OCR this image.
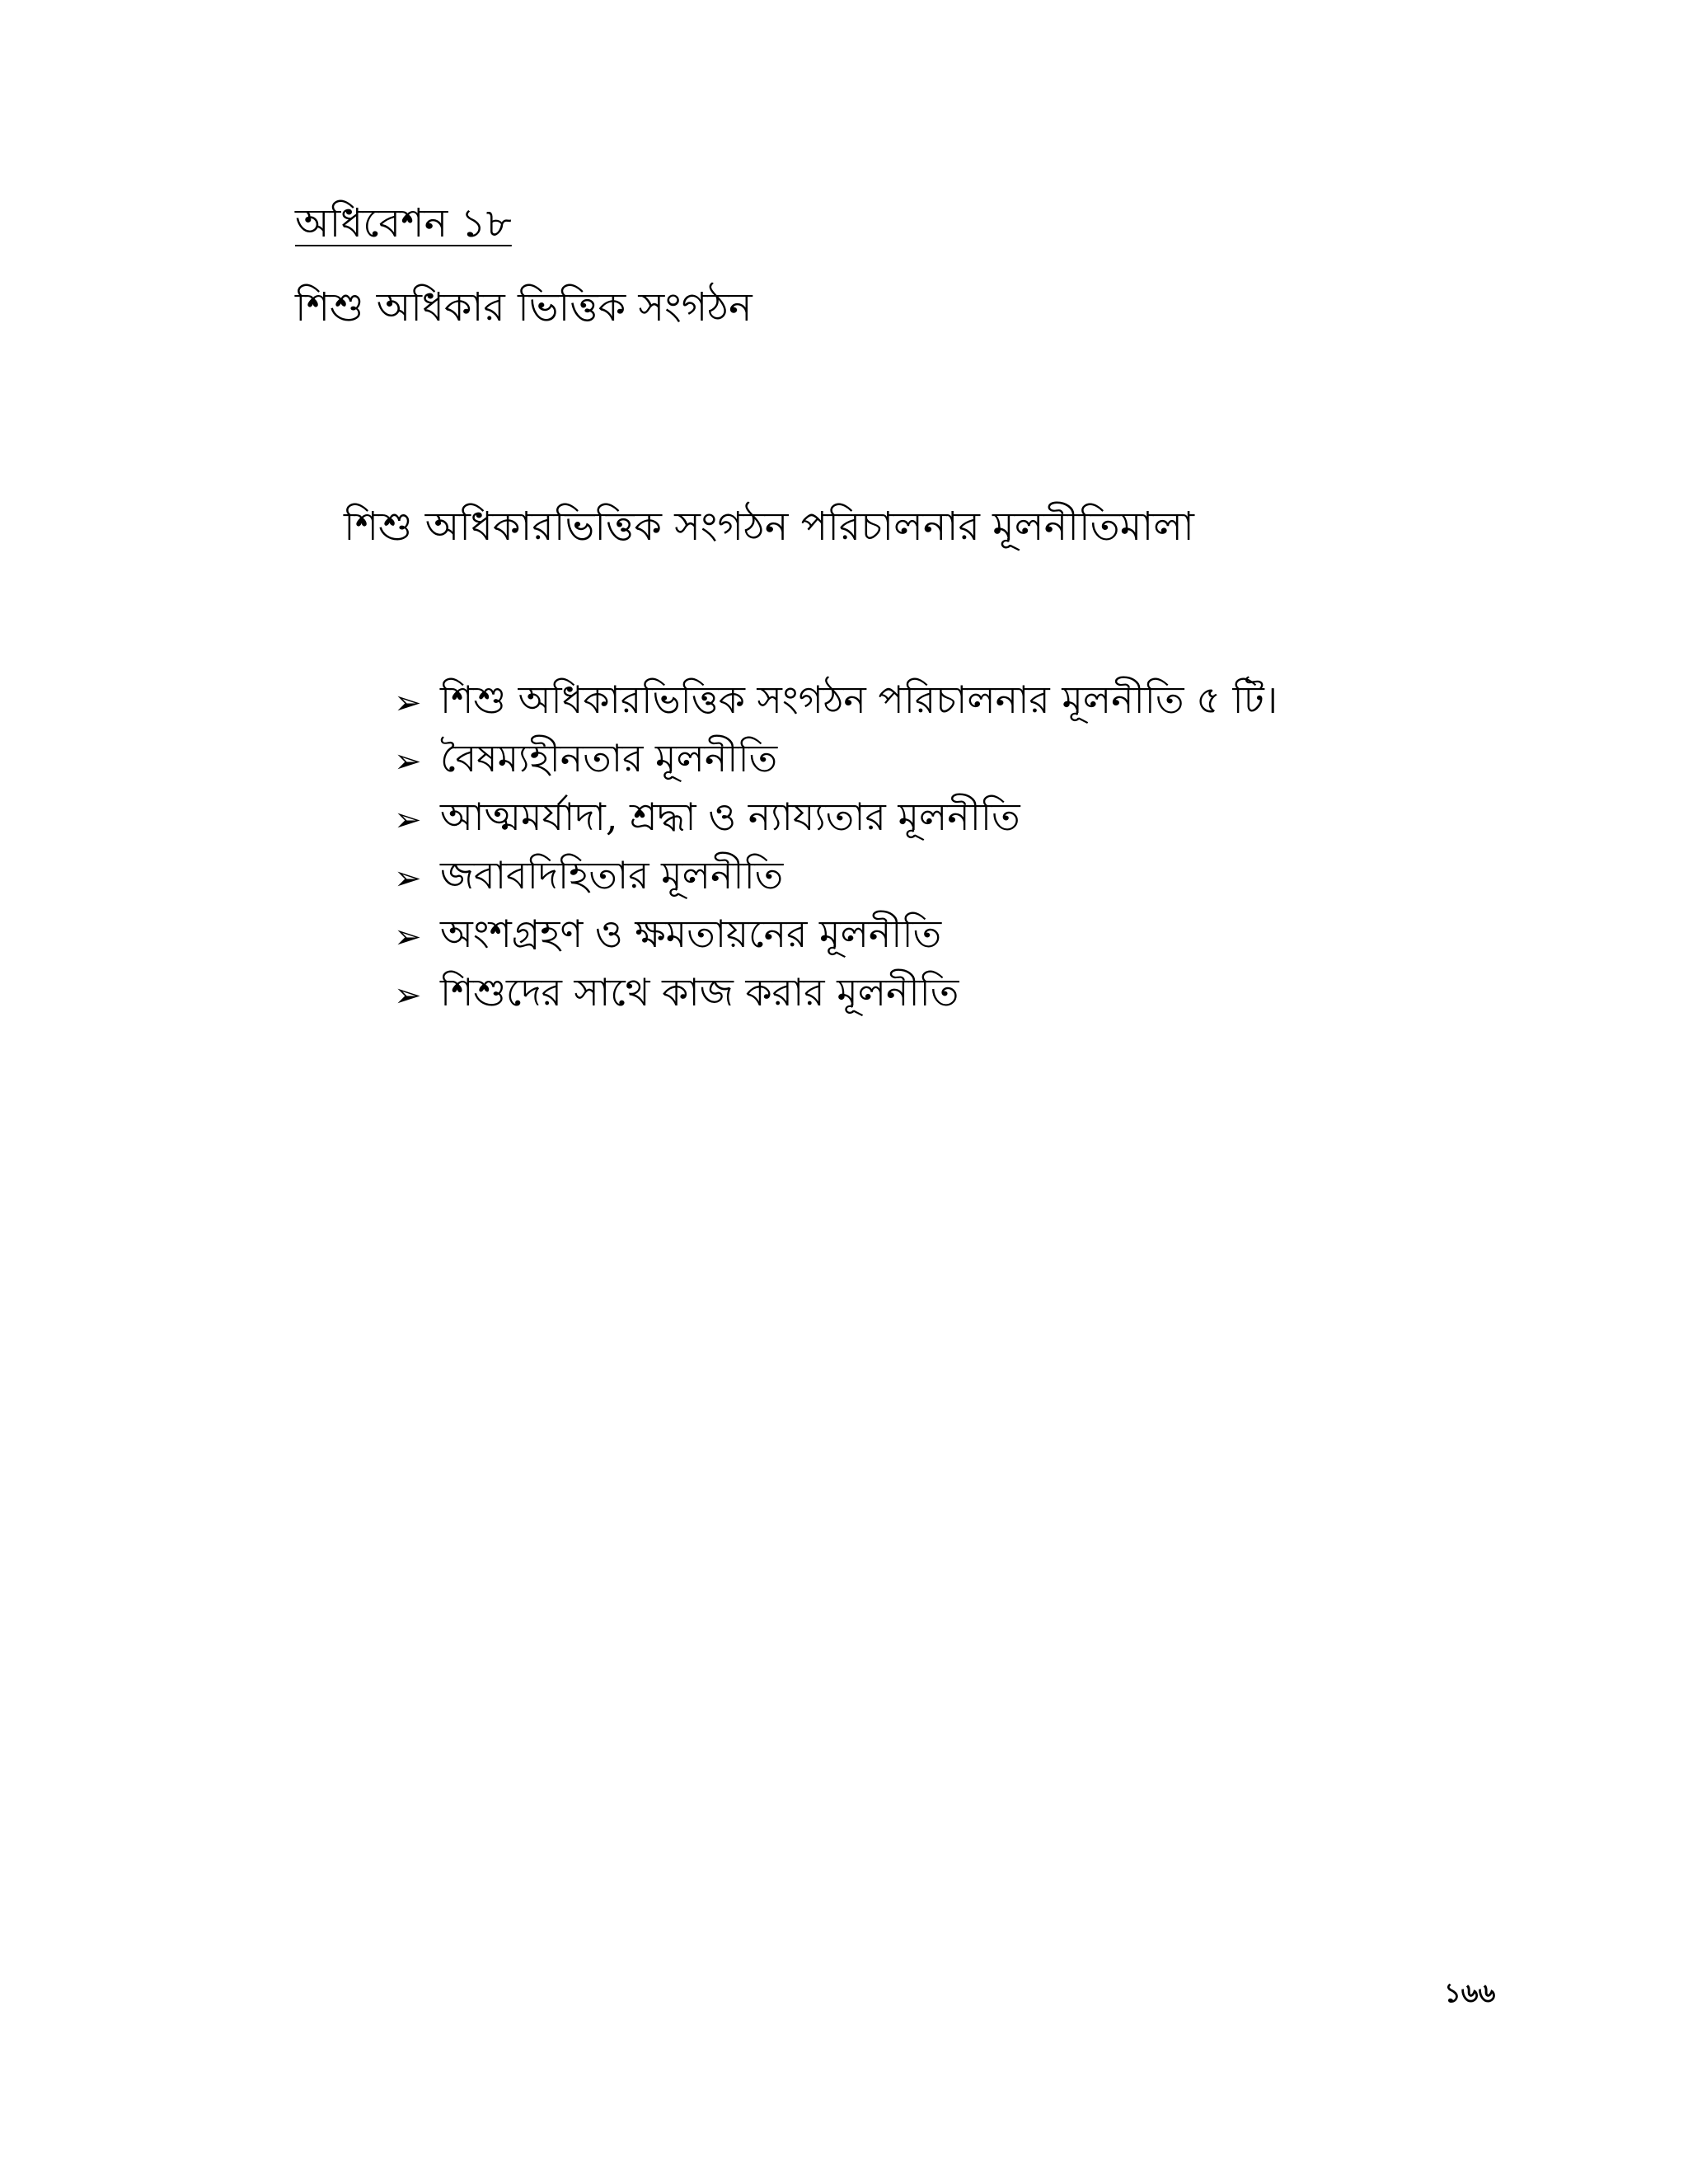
অধিবেশন ১৮
শিশু অধিকার ভিত্তিক সংগঠন
শিশু অধিকারভিত্তিক সংগঠন পরিচালনার মূলনীতিমালা
➢ শিশু অধিকারভিত্তিক সংগঠন পরিচালনার মূলনীতি ৫ টি।
➢ বৈষম্যহীনতার মূলনীতি
➢ আত্মমর্যাদা, শ্রদ্ধা ও ন্যায্যতার মূলনীতি
➢ জবাবদিহিতার মূলনীতি
➢ অংশগ্রহণ ও ক্ষমতায়নের মূলনীতি
➢ শিশুদের সাথে কাজ করার মূলনীতি
১৬৬
